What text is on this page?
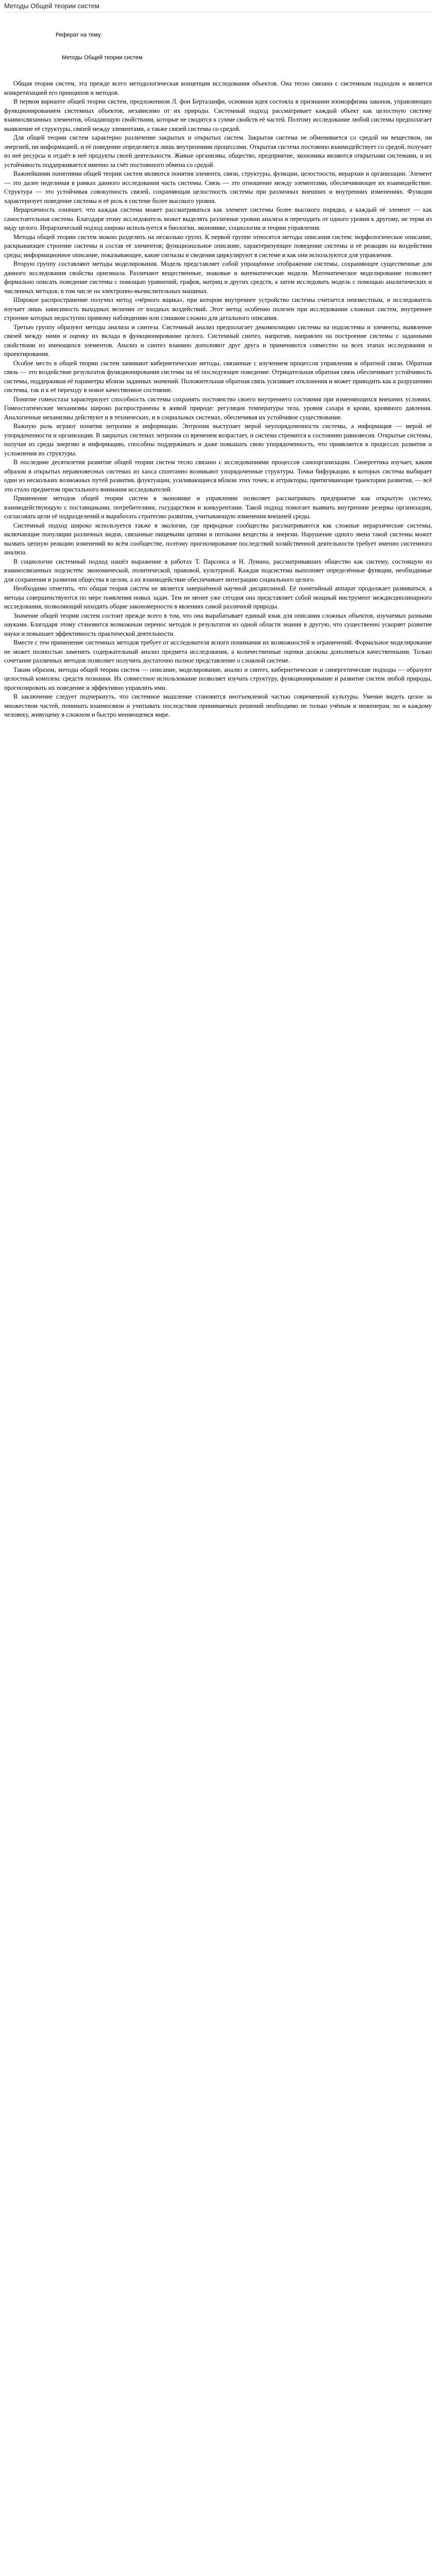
Методы Общей теории систем
Реферат на тему:
Методы Общей теории систем

Общая теория систем, эта прежде всего методологическая концепция исследования объектов. Она тесно связана с системным подходом и является конкретизацией его принципов и методов.

В первом варианте общей теории систем, предложенном Л. фон Берталанфи, основная идея состояла в признании изоморфизма законов, управляющих функционированием системных объектов, независимо от их природы. Системный подход рассматривает каждый объект как целостную систему взаимосвязанных элементов, обладающую свойствами, которые не сводятся к сумме свойств её частей. Поэтому исследование любой системы предполагает выявление её структуры, связей между элементами, а также связей системы со средой.

Для общей теории систем характерно различение закрытых и открытых систем. Закрытая система не обменивается со средой ни веществом, ни энергией, ни информацией, и её поведение определяется лишь внутренними процессами. Открытая система постоянно взаимодействует со средой, получает из неё ресурсы и отдаёт в неё продукты своей деятельности. Живые организмы, общество, предприятие, экономика являются открытыми системами, и их устойчивость поддерживается именно за счёт постоянного обмена со средой.

Важнейшими понятиями общей теории систем являются понятия элемента, связи, структуры, функции, целостности, иерархии и организации. Элемент — это далее неделимая в рамках данного исследования часть системы. Связь — это отношение между элементами, обеспечивающее их взаимодействие. Структура — это устойчивая совокупность связей, сохраняющая целостность системы при различных внешних и внутренних изменениях. Функция характеризует поведение системы и её роль в системе более высокого уровня.

Иерархичность означает, что каждая система может рассматриваться как элемент системы более высокого порядка, а каждый её элемент — как самостоятельная система. Благодаря этому исследователь может выделять различные уровни анализа и переходить от одного уровня к другому, не теряя из виду целого. Иерархический подход широко используется в биологии, экономике, социологии и теории управления.

Методы общей теории систем можно разделить на несколько групп. К первой группе относятся методы описания систем: морфологическое описание, раскрывающее строение системы и состав её элементов; функциональное описание, характеризующее поведение системы и её реакцию на воздействия среды; информационное описание, показывающее, какие сигналы и сведения циркулируют в системе и как они используются для управления.

Вторую группу составляют методы моделирования. Модель представляет собой упрощённое отображение системы, сохраняющее существенные для данного исследования свойства оригинала. Различают вещественные, знаковые и математические модели. Математическое моделирование позволяет формально описать поведение системы с помощью уравнений, графов, матриц и других средств, а затем исследовать модель с помощью аналитических и численных методов, в том числе на электронно-вычислительных машинах.

Широкое распространение получил метод «чёрного ящика», при котором внутреннее устройство системы считается неизвестным, и исследователь изучает лишь зависимость выходных величин от входных воздействий. Этот метод особенно полезен при исследовании сложных систем, внутреннее строение которых недоступно прямому наблюдению или слишком сложно для детального описания.

Третью группу образуют методы анализа и синтеза. Системный анализ предполагает декомпозицию системы на подсистемы и элементы, выявление связей между ними и оценку их вклада в функционирование целого. Системный синтез, напротив, направлен на построение системы с заданными свойствами из имеющихся элементов. Анализ и синтез взаимно дополняют друг друга и применяются совместно на всех этапах исследования и проектирования.

Особое место в общей теории систем занимают кибернетические методы, связанные с изучением процессов управления и обратной связи. Обратная связь — это воздействие результатов функционирования системы на её последующее поведение. Отрицательная обратная связь обеспечивает устойчивость системы, поддерживая её параметры вблизи заданных значений. Положительная обратная связь усиливает отклонения и может приводить как к разрушению системы, так и к её переходу в новое качественное состояние.

Понятие гомеостаза характеризует способность системы сохранять постоянство своего внутреннего состояния при изменяющихся внешних условиях. Гомеостатические механизмы широко распространены в живой природе: регуляция температуры тела, уровня сахара в крови, кровяного давления. Аналогичные механизмы действуют и в технических, и в социальных системах, обеспечивая их устойчивое существование.

Важную роль играют понятия энтропии и информации. Энтропия выступает мерой неупорядоченности системы, а информация — мерой её упорядоченности и организации. В закрытых системах энтропия со временем возрастает, и система стремится к состоянию равновесия. Открытые системы, получая из среды энергию и информацию, способны поддерживать и даже повышать свою упорядоченность, что проявляется в процессах развития и усложнения их структуры.

В последние десятилетия развитие общей теории систем тесно связано с исследованиями процессов самоорганизации. Синергетика изучает, каким образом в открытых неравновесных системах из хаоса спонтанно возникают упорядоченные структуры. Точки бифуркации, в которых система выбирает один из нескольких возможных путей развития, флуктуации, усиливающиеся вблизи этих точек, и аттракторы, притягивающие траектории развития, — всё это стало предметом пристального внимания исследователей.

Применение методов общей теории систем в экономике и управлении позволяет рассматривать предприятие как открытую систему, взаимодействующую с поставщиками, потребителями, государством и конкурентами. Такой подход помогает выявить внутренние резервы организации, согласовать цели её подразделений и выработать стратегию развития, учитывающую изменения внешней среды.

Системный подход широко используется также в экологии, где природные сообщества рассматриваются как сложные иерархические системы, включающие популяции различных видов, связанные пищевыми цепями и потоками вещества и энергии. Нарушение одного звена такой системы может вызвать цепную реакцию изменений во всём сообществе, поэтому прогнозирование последствий хозяйственной деятельности требует именно системного анализа.

В социологии системный подход нашёл выражение в работах Т. Парсонса и Н. Лумана, рассматривавших общество как систему, состоящую из взаимосвязанных подсистем: экономической, политической, правовой, культурной. Каждая подсистема выполняет определённые функции, необходимые для сохранения и развития общества в целом, а их взаимодействие обеспечивает интеграцию социального целого.

Необходимо отметить, что общая теория систем не является завершённой научной дисциплиной. Её понятийный аппарат продолжает развиваться, а методы совершенствуются по мере появления новых задач. Тем не менее уже сегодня она представляет собой мощный инструмент междисциплинарного исследования, позволяющий находить общие закономерности в явлениях самой различной природы.

Значение общей теории систем состоит прежде всего в том, что она вырабатывает единый язык для описания сложных объектов, изучаемых разными науками. Благодаря этому становится возможным перенос методов и результатов из одной области знания в другую, что существенно ускоряет развитие науки и повышает эффективность практической деятельности.

Вместе с тем применение системных методов требует от исследователя ясного понимания их возможностей и ограничений. Формальное моделирование не может полностью заменить содержательный анализ предмета исследования, а количественные оценки должны дополняться качественными. Только сочетание различных методов позволяет получить достаточно полное представление о сложной системе.

Таким образом, методы общей теории систем — описание, моделирование, анализ и синтез, кибернетические и синергетические подходы — образуют целостный комплекс средств познания. Их совместное использование позволяет изучать структуру, функционирование и развитие систем любой природы, прогнозировать их поведение и эффективно управлять ими.

В заключение следует подчеркнуть, что системное мышление становится неотъемлемой частью современной культуры. Умение видеть целое за множеством частей, понимать взаимосвязи и учитывать последствия принимаемых решений необходимо не только учёным и инженерам, но и каждому человеку, живущему в сложном и быстро меняющемся мире.
